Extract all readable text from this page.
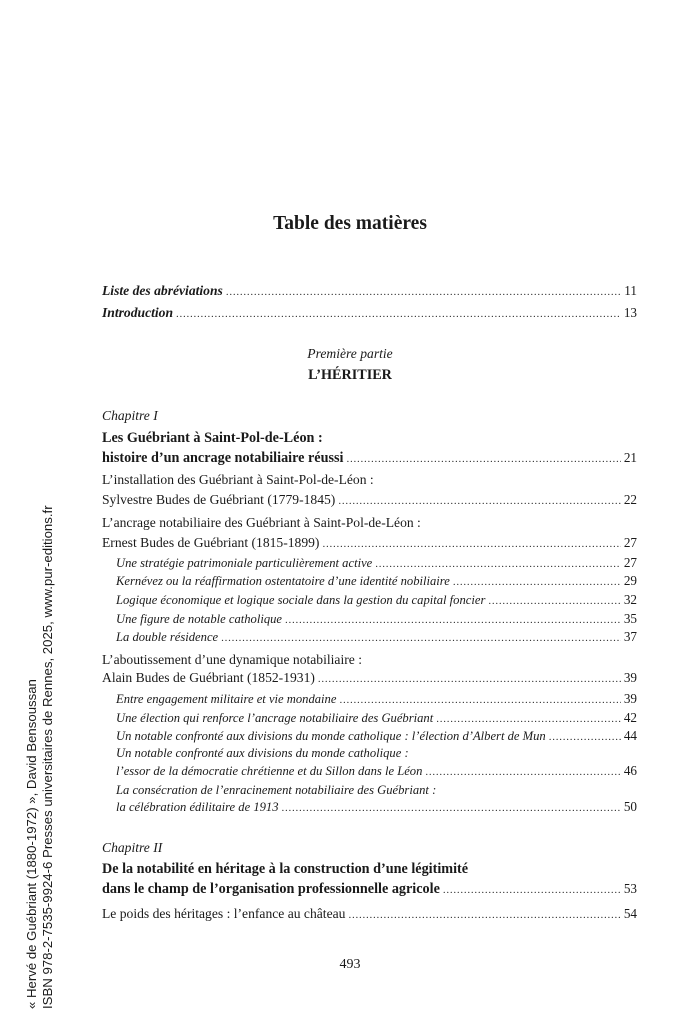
« Hervé de Guébriant (1880-1972) », David Bensoussan ISBN 978-2-7535-9924-6 Presses universitaires de Rennes, 2025, www.pur-editions.fr
Table des matières
Liste des abréviations . . .	11
Introduction . . .	13
Première partie
L’HÉRITIER
Chapitre I
Les Guébriant à Saint-Pol-de-Léon :
histoire d’un ancrage notabiliaire réussi . . .	21
L’installation des Guébriant à Saint-Pol-de-Léon :
Sylvestre Budes de Guébriant (1779-1845) . . .	22
L’ancrage notabiliaire des Guébriant à Saint-Pol-de-Léon :
Ernest Budes de Guébriant (1815-1899) . . .	27
Une stratégie patrimoniale particulièrement active . . .	27
Kernévez ou la réaffirmation ostentatoire d’une identité nobiliaire . . .	29
Logique économique et logique sociale dans la gestion du capital foncier . . .	32
Une figure de notable catholique . . .	35
La double résidence . . .	37
L’aboutissement d’une dynamique notabiliaire :
Alain Budes de Guébriant (1852-1931) . . .	39
Entre engagement militaire et vie mondaine . . .	39
Une élection qui renforce l’ancrage notabiliaire des Guébriant . . .	42
Un notable confronté aux divisions du monde catholique : l’élection d’Albert de Mun . . .	44
Un notable confronté aux divisions du monde catholique :
l’essor de la démocratie chrétienne et du Sillon dans le Léon . . .	46
La consécration de l’enracinement notabiliaire des Guébriant :
la célébration édilitaire de 1913 . . .	50
Chapitre II
De la notabilité en héritage à la construction d’une légitimité
dans le champ de l’organisation professionnelle agricole . . .	53
Le poids des héritages : l’enfance au château . . .	54
493
